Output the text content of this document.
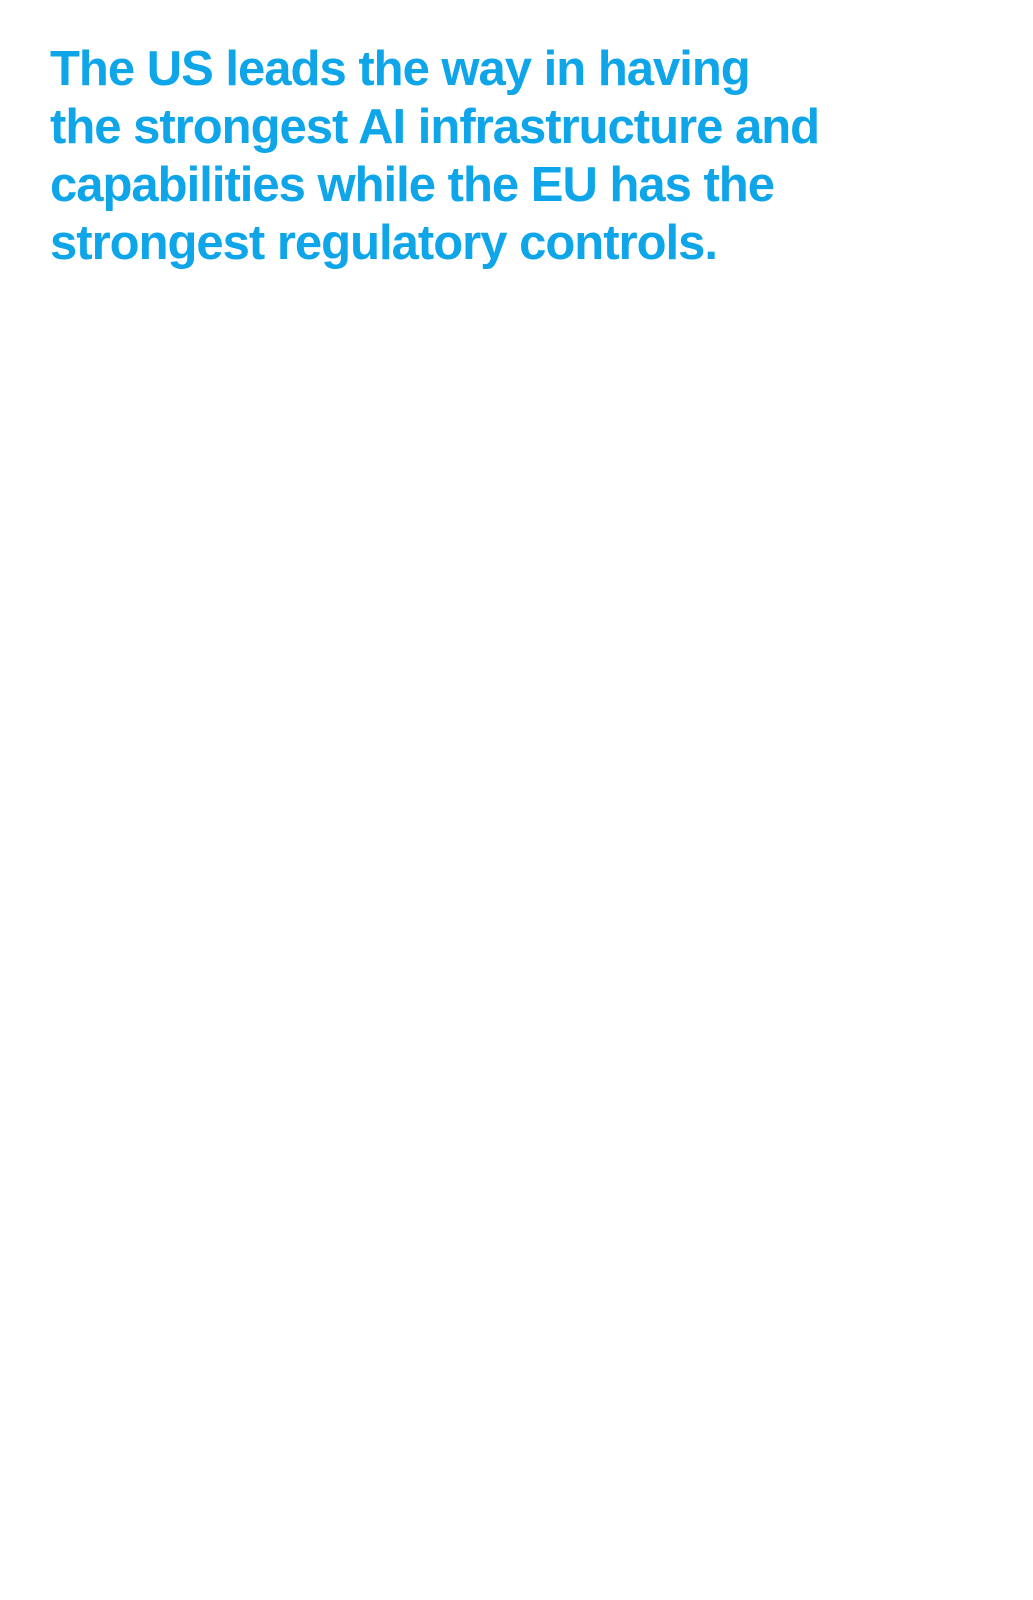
The US leads the way in having
the strongest AI infrastructure and
capabilities while the EU has the
strongest regulatory controls.
